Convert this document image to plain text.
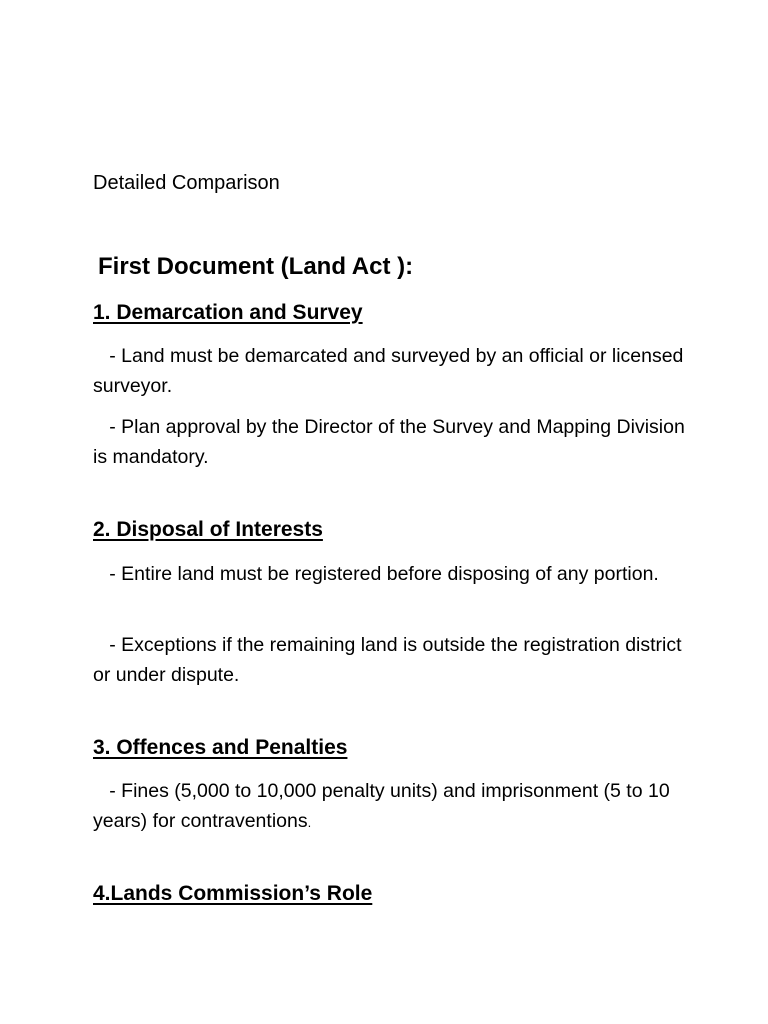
Detailed Comparison

First Document (Land Act ):
1. Demarcation and Survey

- Land must be demarcated and surveyed by an official or licensed surveyor.

- Plan approval by the Director of the Survey and Mapping Division is mandatory.

2. Disposal of Interests

- Entire land must be registered before disposing of any portion.

- Exceptions if the remaining land is outside the registration district or under dispute.

3. Offences and Penalties

- Fines (5,000 to 10,000 penalty units) and imprisonment (5 to 10 years) for contraventions.

4.Lands Commission’s Role
